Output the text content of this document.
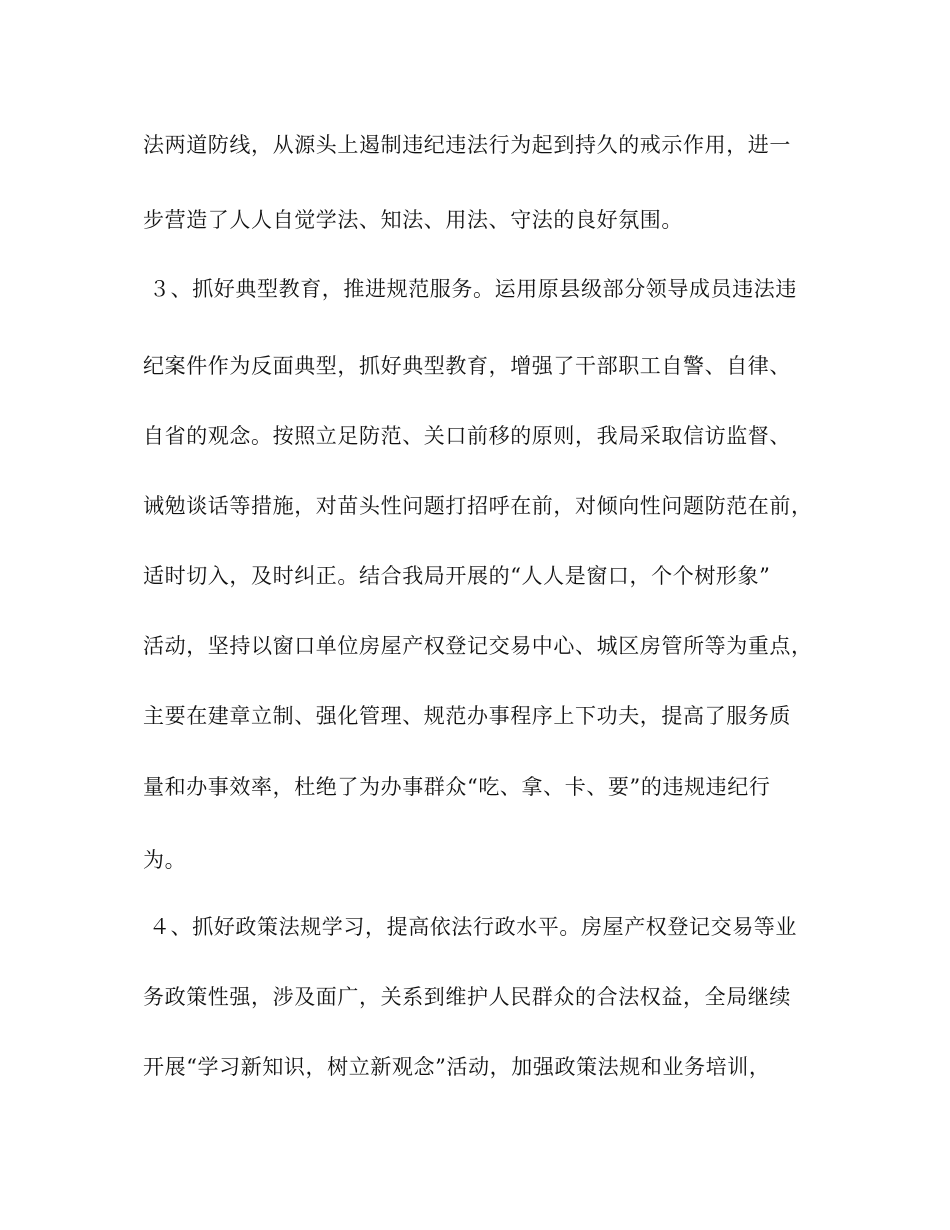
法两道防线，从源头上遏制违纪违法行为起到持久的戒示作用，进一
步营造了人人自觉学法、知法、用法、守法的良好氛围。
３、抓好典型教育，推进规范服务。运用原县级部分领导成员违法违
纪案件作为反面典型，抓好典型教育，增强了干部职工自警、自律、
自省的观念。按照立足防范、关口前移的原则，我局采取信访监督、
诫勉谈话等措施，对苗头性问题打招呼在前，对倾向性问题防范在前，
适时切入，及时纠正。结合我局开展的“人人是窗口，个个树形象”
活动，坚持以窗口单位房屋产权登记交易中心、城区房管所等为重点，
主要在建章立制、强化管理、规范办事程序上下功夫，提高了服务质
量和办事效率，杜绝了为办事群众“吃、拿、卡、要”的违规违纪行
为。
４、抓好政策法规学习，提高依法行政水平。房屋产权登记交易等业
务政策性强，涉及面广，关系到维护人民群众的合法权益，全局继续
开展“学习新知识，树立新观念”活动，加强政策法规和业务培训，
